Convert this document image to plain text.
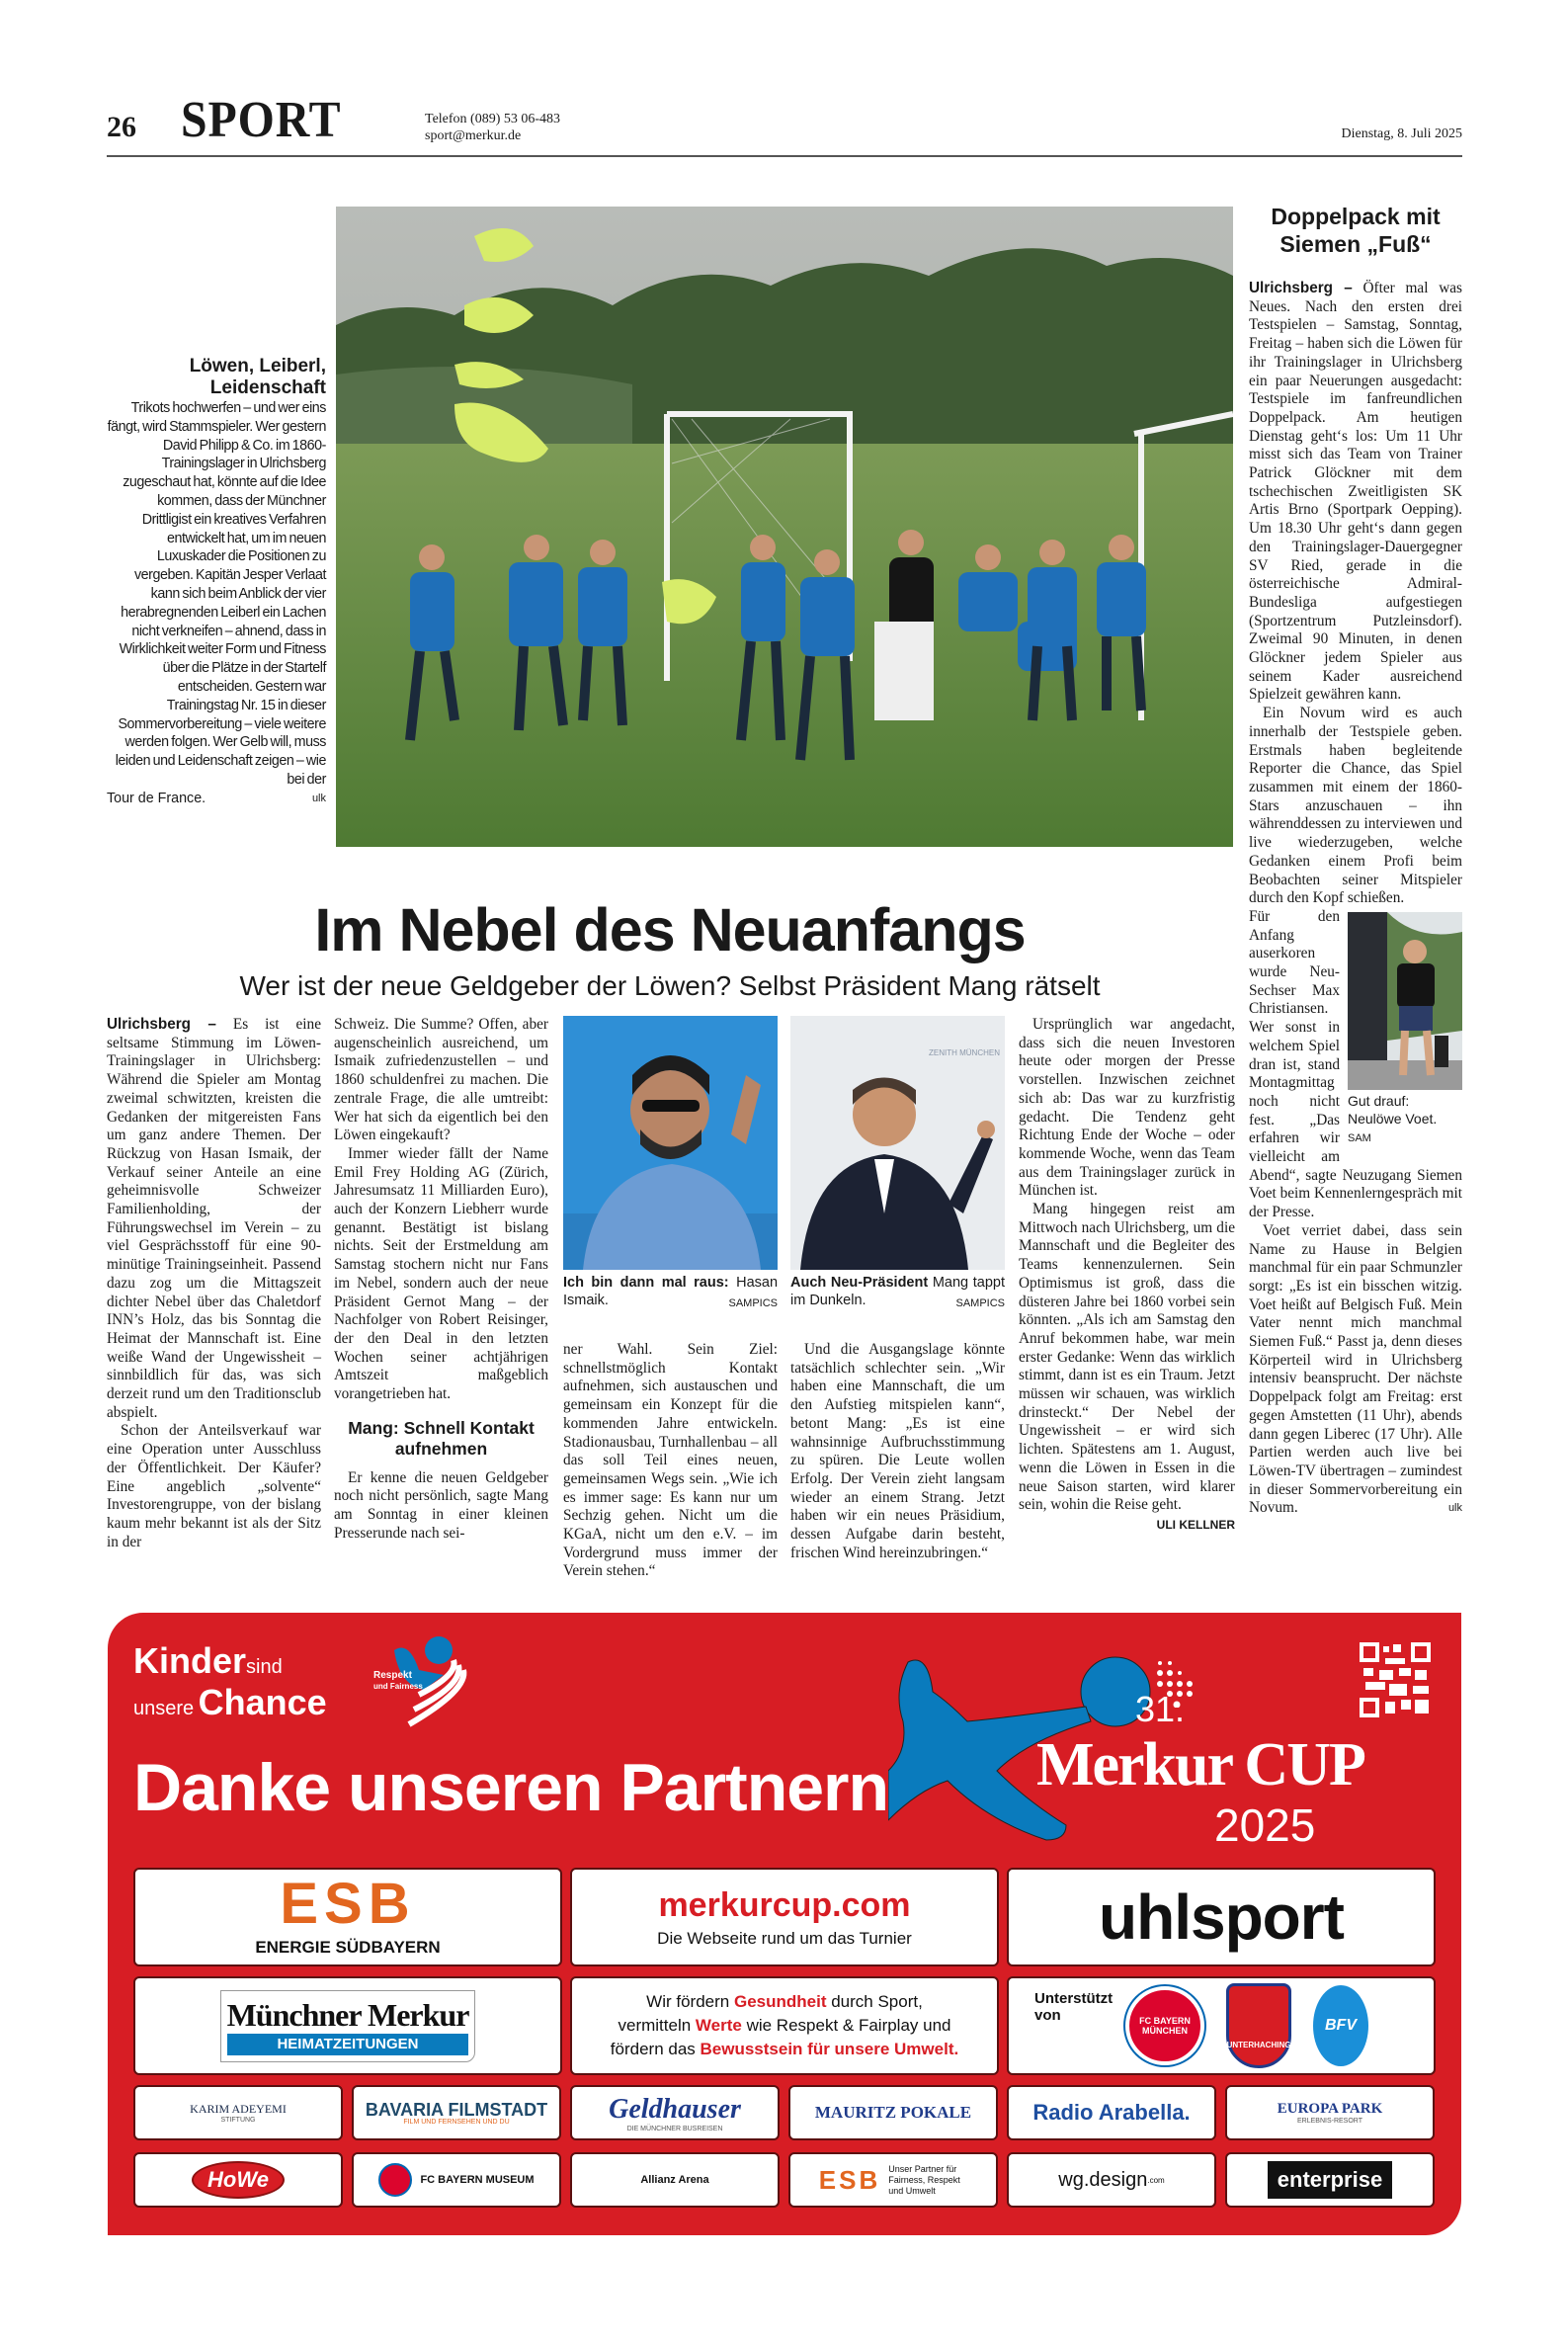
26 SPORT	Telefon (089) 53 06-483
sport@merkur.de	Dienstag, 8. Juli 2025
Löwen, Leiberl, Leidenschaft

Trikots hochwerfen – und wer eins fängt, wird Stammspieler. Wer gestern David Philipp & Co. im 1860-Trainingslager in Ulrichsberg zugeschaut hat, könnte auf die Idee kommen, dass der Münchner Drittligist ein kreatives Verfahren entwickelt hat, um im neuen Luxuskader die Positionen zu vergeben. Kapitän Jesper Verlaat kann sich beim Anblick der vier herabregnenden Leiberl ein Lachen nicht verkneifen – ahnend, dass in Wirklichkeit weiter Form und Fitness über die Plätze in der Startelf entscheiden. Gestern war Trainingstag Nr. 15 in dieser Sommervorbereitung – viele weitere werden folgen. Wer Gelb will, muss leiden und Leidenschaft zeigen – wie bei der

Tour de France.	ulk
Doppelpack mit Siemen „Fuß“

Ulrichsberg – Öfter mal was Neues. Nach den ersten drei Testspielen – Samstag, Sonntag, Freitag – haben sich die Löwen für ihr Trainingslager in Ulrichsberg ein paar Neuerungen ausgedacht: Testspiele im fanfreundlichen Doppelpack. Am heutigen Dienstag geht‘s los: Um 11 Uhr misst sich das Team von Trainer Patrick Glöckner mit dem tschechischen Zweitligisten SK Artis Brno (Sportpark Oepping). Um 18.30 Uhr geht‘s dann gegen den Trainingslager-Dauergegner SV Ried, gerade in die österreichische Admiral-Bundesliga aufgestiegen (Sportzentrum Putzleinsdorf). Zweimal 90 Minuten, in denen Glöckner jedem Spieler aus seinem Kader ausreichend Spielzeit gewähren kann.

Ein Novum wird es auch innerhalb der Testspiele geben. Erstmals haben begleitende Reporter die Chance, das Spiel zusammen mit einem der 1860-Stars anzuschauen – ihn währenddessen zu interviewen und live wiederzugeben, welche Gedanken einem Profi beim Beobachten seiner Mitspieler durch den Kopf schießen.

Gut drauf: Neulöwe Voet. SAM

Für den Anfang auserkoren wurde Neu-Sechser Max Christiansen. Wer sonst in welchem Spiel dran ist, stand Montagmittag noch nicht fest. „Das erfahren wir vielleicht am Abend“, sagte Neuzugang Siemen Voet beim Kennenlerngespräch mit der Presse.

Voet verriet dabei, dass sein Name zu Hause in Belgien manchmal für ein paar Schmunzler sorgt: „Es ist ein bisschen witzig. Voet heißt auf Belgisch Fuß. Mein Vater nennt mich manchmal Siemen Fuß.“ Passt ja, denn dieses Körperteil wird in Ulrichsberg intensiv beansprucht. Der nächste Doppelpack folgt am Freitag: erst gegen Amstetten (11 Uhr), abends dann gegen Liberec (17 Uhr). Alle Partien werden auch live bei Löwen-TV übertragen – zumindest in dieser Sommervorbereitung ein Novum.	ulk

Im Nebel des Neuanfangs
Wer ist der neue Geldgeber der Löwen? Selbst Präsident Mang rätselt

Ulrichsberg – Es ist eine seltsame Stimmung im Löwen-Trainingslager in Ulrichsberg: Während die Spieler am Montag zweimal schwitzten, kreisten die Gedanken der mitgereisten Fans um ganz andere Themen. Der Rückzug von Hasan Ismaik, der Verkauf seiner Anteile an eine geheimnisvolle Schweizer Familienholding, der Führungswechsel im Verein – zu viel Gesprächsstoff für eine 90-minütige Trainingseinheit. Passend dazu zog um die Mittagszeit dichter Nebel über das Chaletdorf INN’s Holz, das bis Sonntag die Heimat der Mannschaft ist. Eine weiße Wand der Ungewissheit – sinnbildlich für das, was sich derzeit rund um den Traditionsclub abspielt.

Schon der Anteilsverkauf war eine Operation unter Ausschluss der Öffentlichkeit. Der Käufer? Eine angeblich „solvente“ Investorengruppe, von der bislang kaum mehr bekannt ist als der Sitz in der

Schweiz. Die Summe? Offen, aber augenscheinlich ausreichend, um Ismaik zufriedenzustellen – und 1860 schuldenfrei zu machen. Die zentrale Frage, die alle umtreibt: Wer hat sich da eigentlich bei den Löwen eingekauft?

Immer wieder fällt der Name Emil Frey Holding AG (Zürich, Jahresumsatz 11 Milliarden Euro), auch der Konzern Liebherr wurde genannt. Bestätigt ist bislang nichts. Seit der Erstmeldung am Samstag stochern nicht nur Fans im Nebel, sondern auch der neue Präsident Gernot Mang – der Nachfolger von Robert Reisinger, der den Deal in den letzten Wochen seiner achtjährigen Amtszeit maßgeblich vorangetrieben hat.

Mang: Schnell Kontakt aufnehmen

Er kenne die neuen Geldgeber noch nicht persönlich, sagte Mang am Sonntag in einer kleinen Presserunde nach sei-

Ich bin dann mal raus: Hasan Ismaik.	SAMPICS

ner Wahl. Sein Ziel: schnellstmöglich Kontakt aufnehmen, sich austauschen und gemeinsam ein Konzept für die kommenden Jahre entwickeln. Stadionausbau, Turnhallenbau – all das soll Teil eines neuen, gemeinsamen Wegs sein. „Wie ich es immer sage: Es kann nur um Sechzig gehen. Nicht um die KGaA, nicht um den e.V. – im Vordergrund muss immer der Verein stehen.“

ZENITH MÜNCHEN
Auch Neu-Präsident Mang tappt im Dunkeln.	SAMPICS

Und die Ausgangslage könnte tatsächlich schlechter sein. „Wir haben eine Mannschaft, die um den Aufstieg mitspielen kann“, betont Mang: „Es ist eine wahnsinnige Aufbruchsstimmung zu spüren. Die Leute wollen Erfolg. Der Verein zieht langsam wieder an einem Strang. Jetzt haben wir ein neues Präsidium, dessen Aufgabe darin besteht, frischen Wind hereinzubringen.“

Ursprünglich war angedacht, dass sich die neuen Investoren heute oder morgen der Presse vorstellen. Inzwischen zeichnet sich ab: Das war zu kurzfristig gedacht. Die Tendenz geht Richtung Ende der Woche – oder kommende Woche, wenn das Team aus dem Trainingslager zurück in München ist.

Mang hingegen reist am Mittwoch nach Ulrichsberg, um die Mannschaft und die Begleiter des Teams kennenzulernen. Sein Optimismus ist groß, dass die düsteren Jahre bei 1860 vorbei sein könnten. „Als ich am Samstag den Anruf bekommen habe, war mein erster Gedanke: Wenn das wirklich stimmt, dann ist es ein Traum. Jetzt müssen wir schauen, was wirklich drinsteckt.“ Der Nebel der Ungewissheit – er wird sich lichten. Spätestens am 1. August, wenn die Löwen in Essen in die neue Saison starten, wird klarer sein, wohin die Reise geht.
ULI KELLNER

Kindersind
unsere Chance
Respekt
und Fairness
Danke unseren Partnern
31.
Merkur CUP
2025
ESB
ENERGIE SÜDBAYERN
merkurcup.com
Die Webseite rund um das Turnier	uhlsport
Münchner Merkur
HEIMATZEITUNGEN
Wir fördern Gesundheit durch Sport,
vermitteln Werte wie Respekt & Fairplay und
fördern das Bewusstsein für unsere Umwelt.
Unterstützt von	FC BAYERN MÜNCHEN
UNTERHACHING
BFV
KARIM ADEYEMI
STIFTUNG
HoWe
BAVARIA FILMSTADT
FILM UND FERNSEHEN UND DU
FC BAYERN MUSEUM
Geldhauser
DIE MÜNCHNER BUSREISEN
Allianz Arena
MAURITZ POKALE
ESB Unser Partner für Fairness, Respekt und Umwelt
Radio Arabella.
wg.design .com
EUROPA PARK
ERLEBNIS-RESORT
enterprise
